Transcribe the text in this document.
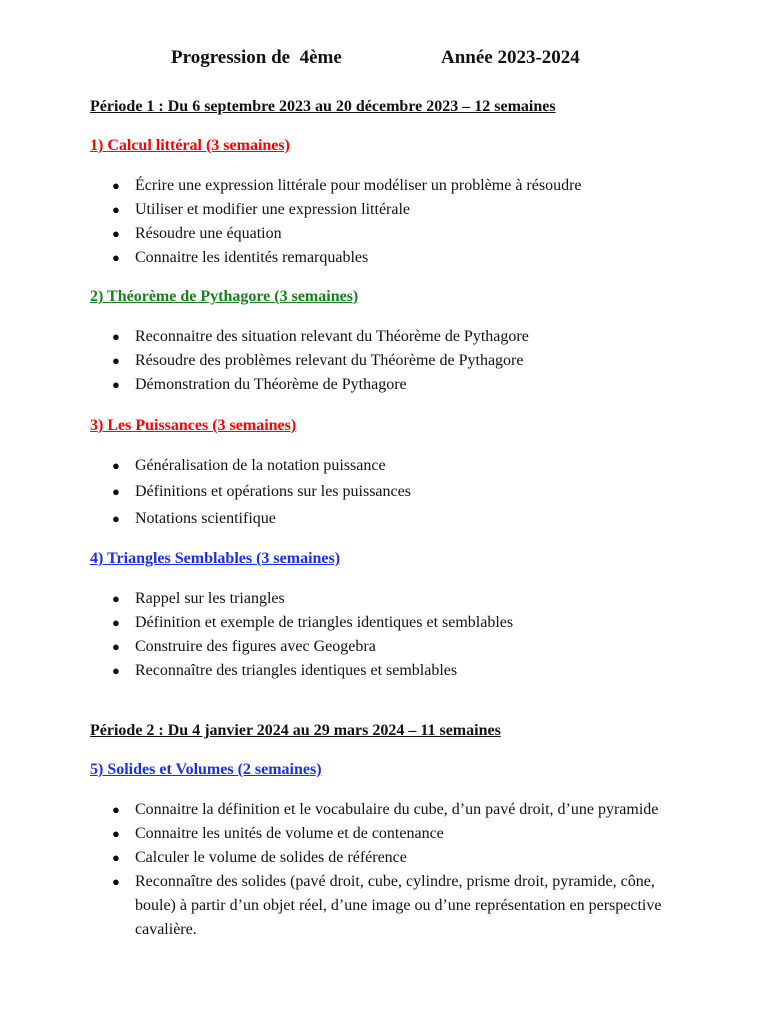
Progression de  4ème	Année 2023-2024
Période 1 : Du 6 septembre 2023 au 20 décembre 2023 – 12 semaines
1) Calcul littéral (3 semaines)
● Écrire une expression littérale pour modéliser un problème à résoudre
● Utiliser et modifier une expression littérale
● Résoudre une équation
● Connaitre les identités remarquables
2) Théorème de Pythagore (3 semaines)
● Reconnaitre des situation relevant du Théorème de Pythagore
● Résoudre des problèmes relevant du Théorème de Pythagore
● Démonstration du Théorème de Pythagore
3) Les Puissances (3 semaines)
● Généralisation de la notation puissance
● Définitions et opérations sur les puissances
● Notations scientifique
4) Triangles Semblables (3 semaines)
● Rappel sur les triangles
● Définition et exemple de triangles identiques et semblables
● Construire des figures avec Geogebra
● Reconnaître des triangles identiques et semblables
Période 2 : Du 4 janvier 2024 au 29 mars 2024 – 11 semaines
5) Solides et Volumes (2 semaines)
● Connaitre la définition et le vocabulaire du cube, d’un pavé droit, d’une pyramide
● Connaitre les unités de volume et de contenance
● Calculer le volume de solides de référence
● Reconnaître des solides (pavé droit, cube, cylindre, prisme droit, pyramide, cône, boule) à partir d’un objet réel, d’une image ou d’une représentation en perspective cavalière.
